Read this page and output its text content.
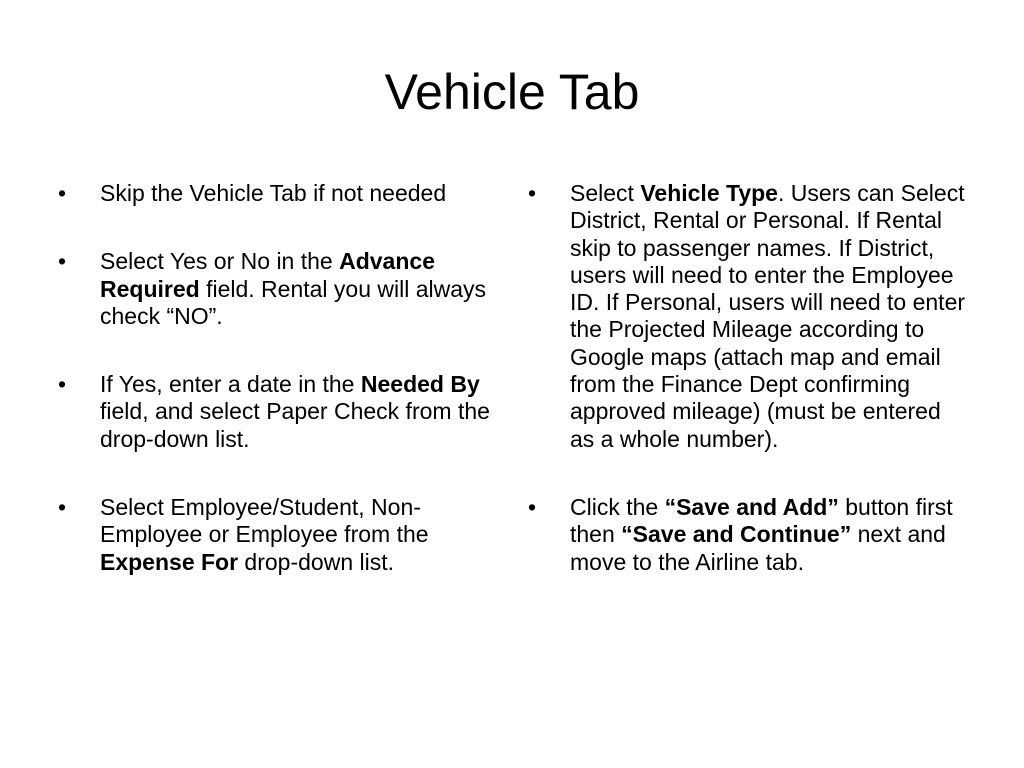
Vehicle Tab
• Skip the Vehicle Tab if not needed
• Select Yes or No in the Advance Required field. Rental you will always check “NO”.
• If Yes, enter a date in the Needed By field, and select Paper Check from the drop-down list.
• Select Employee/Student, Non-Employee or Employee from the Expense For drop-down list.
• Select Vehicle Type. Users can Select District, Rental or Personal. If Rental skip to passenger names. If District, users will need to enter the Employee ID. If Personal, users will need to enter the Projected Mileage according to Google maps (attach map and email from the Finance Dept confirming approved mileage) (must be entered as a whole number).
• Click the “Save and Add” button first then “Save and Continue” next and move to the Airline tab.
